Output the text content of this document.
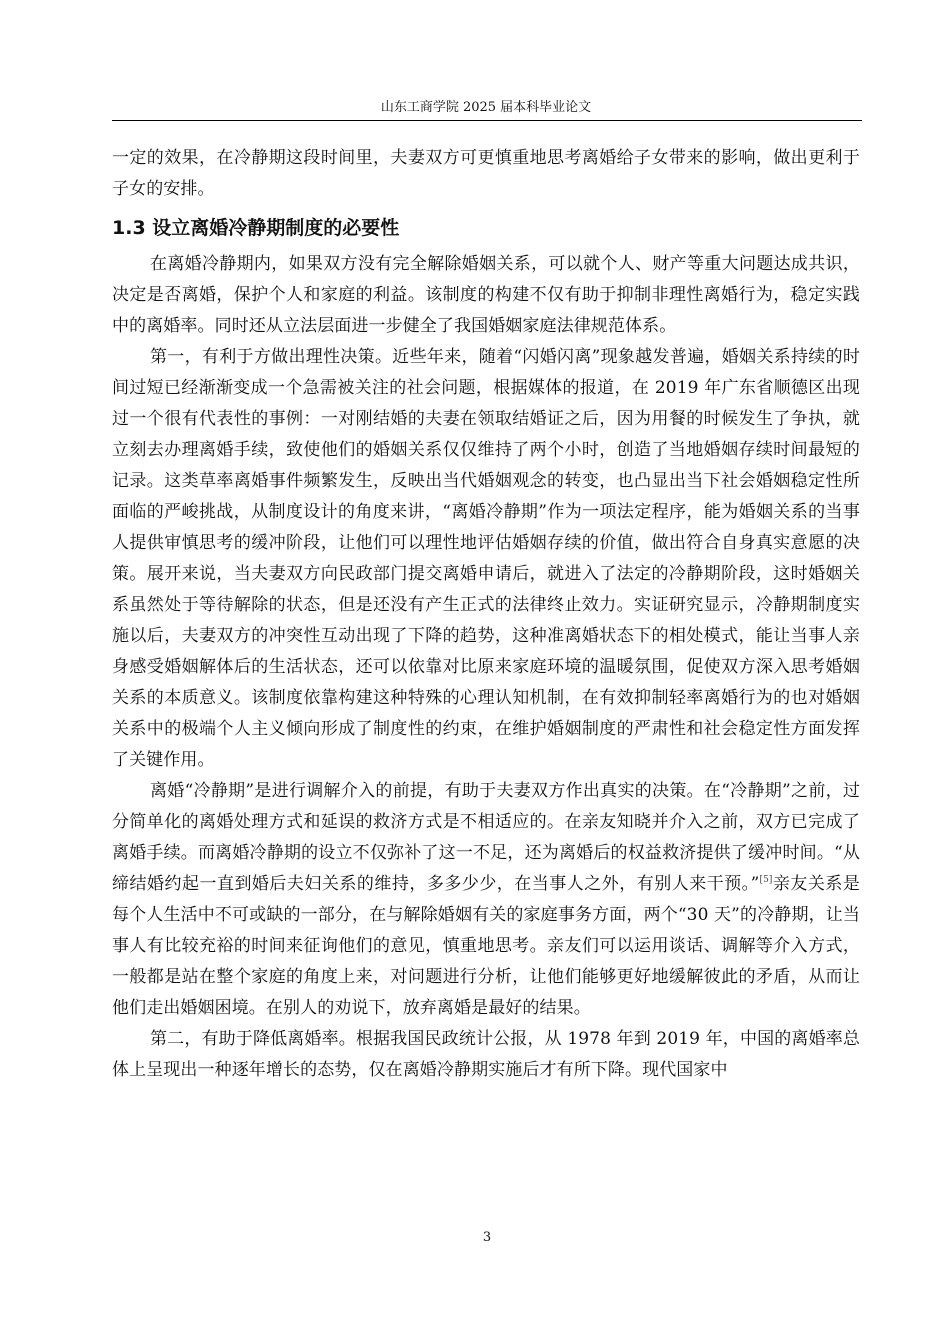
山东工商学院 2025 届本科毕业论文

一定的效果，在冷静期这段时间里，夫妻双方可更慎重地思考离婚给子女带来的影响，做出更利于子女的安排。

1.3 设立离婚冷静期制度的必要性

在离婚冷静期内，如果双方没有完全解除婚姻关系，可以就个人、财产等重大问题达成共识，决定是否离婚，保护个人和家庭的利益。该制度的构建不仅有助于抑制非理性离婚行为，稳定实践中的离婚率。同时还从立法层面进一步健全了我国婚姻家庭法律规范体系。

第一，有利于方做出理性决策。近些年来，随着“闪婚闪离”现象越发普遍，婚姻关系持续的时间过短已经渐渐变成一个急需被关注的社会问题，根据媒体的报道，在 2019 年广东省顺德区出现过一个很有代表性的事例：一对刚结婚的夫妻在领取结婚证之后，因为用餐的时候发生了争执，就立刻去办理离婚手续，致使他们的婚姻关系仅仅维持了两个小时，创造了当地婚姻存续时间最短的记录。这类草率离婚事件频繁发生，反映出当代婚姻观念的转变，也凸显出当下社会婚姻稳定性所面临的严峻挑战，从制度设计的角度来讲，“离婚冷静期”作为一项法定程序，能为婚姻关系的当事人提供审慎思考的缓冲阶段，让他们可以理性地评估婚姻存续的价值，做出符合自身真实意愿的决策。展开来说，当夫妻双方向民政部门提交离婚申请后，就进入了法定的冷静期阶段，这时婚姻关系虽然处于等待解除的状态，但是还没有产生正式的法律终止效力。实证研究显示，冷静期制度实施以后，夫妻双方的冲突性互动出现了下降的趋势，这种准离婚状态下的相处模式，能让当事人亲身感受婚姻解体后的生活状态，还可以依靠对比原来家庭环境的温暖氛围，促使双方深入思考婚姻关系的本质意义。该制度依靠构建这种特殊的心理认知机制，在有效抑制轻率离婚行为的也对婚姻关系中的极端个人主义倾向形成了制度性的约束，在维护婚姻制度的严肃性和社会稳定性方面发挥了关键作用。

离婚“冷静期”是进行调解介入的前提，有助于夫妻双方作出真实的决策。在“冷静期”之前，过分简单化的离婚处理方式和延误的救济方式是不相适应的。在亲友知晓并介入之前，双方已完成了离婚手续。而离婚冷静期的设立不仅弥补了这一不足，还为离婚后的权益救济提供了缓冲时间。“从缔结婚约起一直到婚后夫妇关系的维持，多多少少，在当事人之外，有别人来干预。”[5]亲友关系是每个人生活中不可或缺的一部分，在与解除婚姻有关的家庭事务方面，两个“30 天”的冷静期，让当事人有比较充裕的时间来征询他们的意见，慎重地思考。亲友们可以运用谈话、调解等介入方式，一般都是站在整个家庭的角度上来，对问题进行分析，让他们能够更好地缓解彼此的矛盾，从而让他们走出婚姻困境。在别人的劝说下，放弃离婚是最好的结果。

第二，有助于降低离婚率。根据我国民政统计公报，从 1978 年到 2019 年，中国的离婚率总体上呈现出一种逐年增长的态势，仅在离婚冷静期实施后才有所下降。现代国家中

3
